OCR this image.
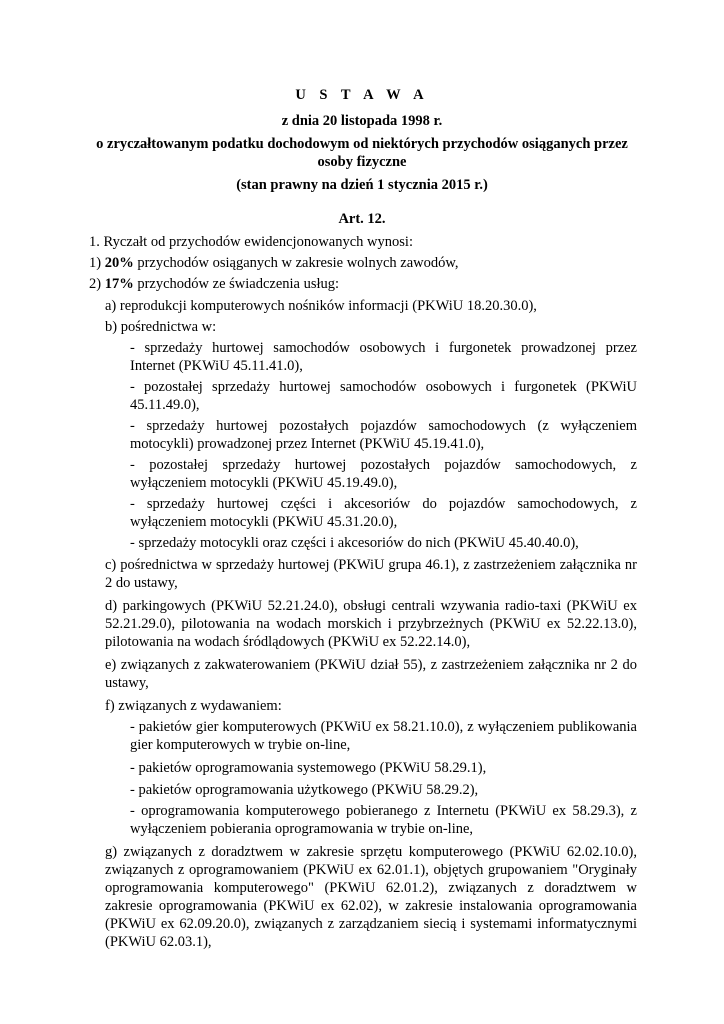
U S T A W A
z dnia 20 listopada 1998 r.
o zryczałtowanym podatku dochodowym od niektórych przychodów osiąganych przez
osoby fizyczne
(stan prawny na dzień 1 stycznia 2015 r.)
Art. 12.
1. Ryczałt od przychodów ewidencjonowanych wynosi:
1) 20% przychodów osiąganych w zakresie wolnych zawodów,
2) 17% przychodów ze świadczenia usług:
a) reprodukcji komputerowych nośników informacji (PKWiU 18.20.30.0),
b) pośrednictwa w:
- sprzedaży hurtowej samochodów osobowych i furgonetek prowadzonej przez
Internet (PKWiU 45.11.41.0),
- pozostałej sprzedaży hurtowej samochodów osobowych i furgonetek (PKWiU
45.11.49.0),
- sprzedaży hurtowej pozostałych pojazdów samochodowych (z wyłączeniem
motocykli) prowadzonej przez Internet (PKWiU 45.19.41.0),
- pozostałej sprzedaży hurtowej pozostałych pojazdów samochodowych, z
wyłączeniem motocykli (PKWiU 45.19.49.0),
- sprzedaży hurtowej części i akcesoriów do pojazdów samochodowych, z
wyłączeniem motocykli (PKWiU 45.31.20.0),
- sprzedaży motocykli oraz części i akcesoriów do nich (PKWiU 45.40.40.0),
c) pośrednictwa w sprzedaży hurtowej (PKWiU grupa 46.1), z zastrzeżeniem załącznika nr
2 do ustawy,
d) parkingowych (PKWiU 52.21.24.0), obsługi centrali wzywania radio-taxi (PKWiU ex
52.21.29.0), pilotowania na wodach morskich i przybrzeżnych (PKWiU ex 52.22.13.0),
pilotowania na wodach śródlądowych (PKWiU ex 52.22.14.0),
e) związanych z zakwaterowaniem (PKWiU dział 55), z zastrzeżeniem załącznika nr 2 do
ustawy,
f) związanych z wydawaniem:
- pakietów gier komputerowych (PKWiU ex 58.21.10.0), z wyłączeniem publikowania
gier komputerowych w trybie on-line,
- pakietów oprogramowania systemowego (PKWiU 58.29.1),
- pakietów oprogramowania użytkowego (PKWiU 58.29.2),
- oprogramowania komputerowego pobieranego z Internetu (PKWiU ex 58.29.3), z
wyłączeniem pobierania oprogramowania w trybie on-line,
g) związanych z doradztwem w zakresie sprzętu komputerowego (PKWiU 62.02.10.0),
związanych z oprogramowaniem (PKWiU ex 62.01.1), objętych grupowaniem "Oryginały
oprogramowania komputerowego" (PKWiU 62.01.2), związanych z doradztwem w
zakresie oprogramowania (PKWiU ex 62.02), w zakresie instalowania oprogramowania
(PKWiU ex 62.09.20.0), związanych z zarządzaniem siecią i systemami informatycznymi
(PKWiU 62.03.1),
